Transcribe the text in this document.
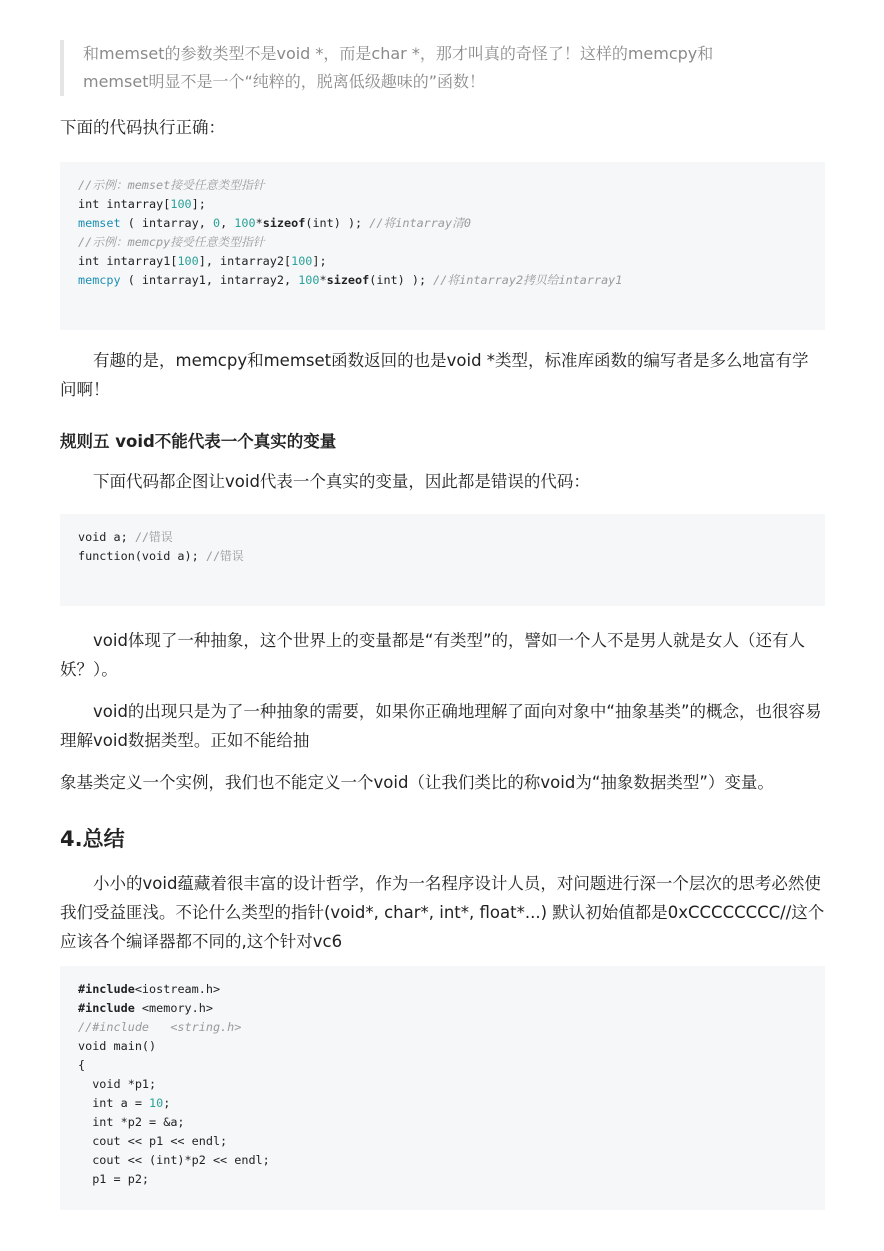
和memset的参数类型不是void *，而是char *，那才叫真的奇怪了！这样的memcpy和
memset明显不是一个“纯粹的，脱离低级趣味的”函数！
下面的代码执行正确：
//示例：memset接受任意类型指针
int intarray[100];
memset ( intarray, 0, 100*sizeof(int) ); //将intarray清0
//示例：memcpy接受任意类型指针
int intarray1[100], intarray2[100];
memcpy ( intarray1, intarray2, 100*sizeof(int) ); //将intarray2拷贝给intarray1
有趣的是，memcpy和memset函数返回的也是void *类型，标准库函数的编写者是多么地富有学问啊！
规则五 void不能代表一个真实的变量
下面代码都企图让void代表一个真实的变量，因此都是错误的代码：
void a; //错误
function(void a); //错误
void体现了一种抽象，这个世界上的变量都是“有类型”的，譬如一个人不是男人就是女人（还有人妖？）。
void的出现只是为了一种抽象的需要，如果你正确地理解了面向对象中“抽象基类”的概念，也很容易理解void数据类型。正如不能给抽
象基类定义一个实例，我们也不能定义一个void（让我们类比的称void为“抽象数据类型”）变量。
4.总结
小小的void蕴藏着很丰富的设计哲学，作为一名程序设计人员，对问题进行深一个层次的思考必然使我们受益匪浅。不论什么类型的指针(void*, char*, int*, float*...) 默认初始值都是0xCCCCCCCC//这个应该各个编译器都不同的,这个针对vc6
#include<iostream.h>
#include <memory.h>
//#include   <string.h>
void main()
{
void *p1;
int a = 10;
int *p2 = &a;
cout << p1 << endl;
cout << (int)*p2 << endl;
p1 = p2;
